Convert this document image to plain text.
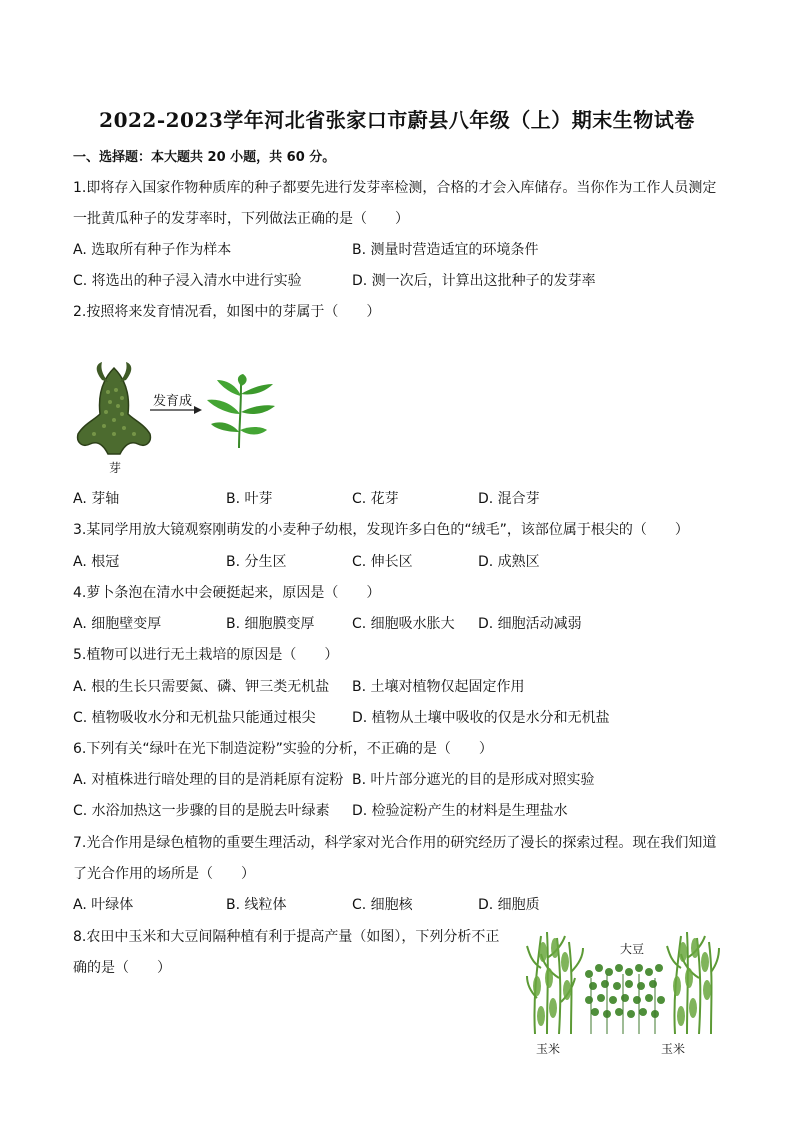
2022-2023学年河北省张家口市蔚县八年级（上）期末生物试卷
一、选择题：本大题共 20 小题，共 60 分。
1.即将存入国家作物种质库的种子都要先进行发芽率检测，合格的才会入库储存。当你作为工作人员测定
一批黄瓜种子的发芽率时，下列做法正确的是（　　）
A. 选取所有种子作为样本	B. 测量时营造适宜的环境条件
C. 将选出的种子浸入清水中进行实验	D. 测一次后，计算出这批种子的发芽率
2.按照将来发育情况看，如图中的芽属于（　　）
芽
发育成
A. 芽轴	B. 叶芽	C. 花芽	D. 混合芽
3.某同学用放大镜观察刚萌发的小麦种子幼根，发现许多白色的“绒毛”，该部位属于根尖的（　　）
A. 根冠	B. 分生区	C. 伸长区	D. 成熟区
4.萝卜条泡在清水中会硬挺起来，原因是（　　）
A. 细胞壁变厚	B. 细胞膜变厚	C. 细胞吸水胀大 D. 细胞活动减弱
5.植物可以进行无土栽培的原因是（　　）
A. 根的生长只需要氮、磷、钾三类无机盐 B. 土壤对植物仅起固定作用
C. 植物吸收水分和无机盐只能通过根尖	D. 植物从土壤中吸收的仅是水分和无机盐
6.下列有关“绿叶在光下制造淀粉”实验的分析，不正确的是（　　）
A. 对植株进行暗处理的目的是消耗原有淀粉 B. 叶片部分遮光的目的是形成对照实验
C. 水浴加热这一步骤的目的是脱去叶绿素 D. 检验淀粉产生的材料是生理盐水
7.光合作用是绿色植物的重要生理活动，科学家对光合作用的研究经历了漫长的探索过程。现在我们知道
了光合作用的场所是（　　）
A. 叶绿体	B. 线粒体	C. 细胞核	D. 细胞质
8.农田中玉米和大豆间隔种植有利于提高产量（如图），下列分析不正
确的是（　　）
大豆
玉米	玉米
